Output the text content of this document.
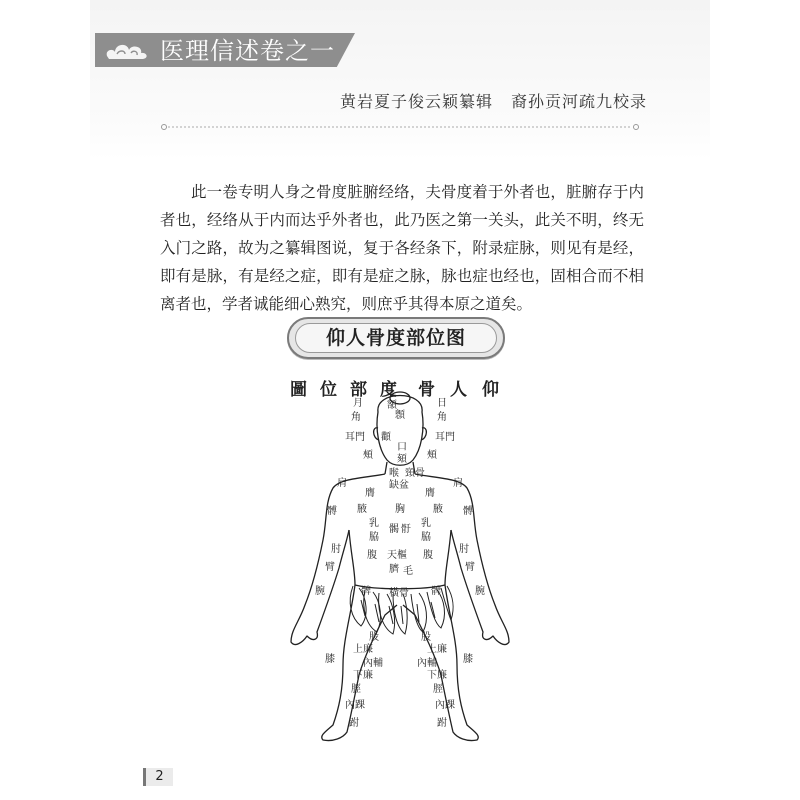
医理信述卷之一
黄岩夏子俊云颖纂辑 裔孙贡河疏九校录

此一卷专明人身之骨度脏腑经络，夫骨度着于外者也，脏腑存于内者也，经络从于内而达乎外者也，此乃医之第一关头，此关不明，终无入门之路，故为之纂辑图说，复于各经条下，附录症脉，则见有是经，即有是脉，有是经之症，即有是症之脉，脉也症也经也，固相合而不相离者也，学者诚能细心熟究，则庶乎其得本原之道矣。

仰人骨度部位图
圖 位 部 度 骨 人 仰
顖
額
角	角
月	日
耳門	耳門
顴
口
頦
頰	頰
喉 頸骨
缺盆
肩	肩
膺	膺
腋	腋
胸
髆	髆
乳	乳
骬
𩩲
脇	脇
肘	肘
腹	腹
天樞
臂	臂
臍 毛
腕	腕
髀	髀
橫骨
股	股
膝	膝
上廉	上廉
下廉	下廉
內輔	內輔
脛	脛
內踝	內踝
跗	跗
2
